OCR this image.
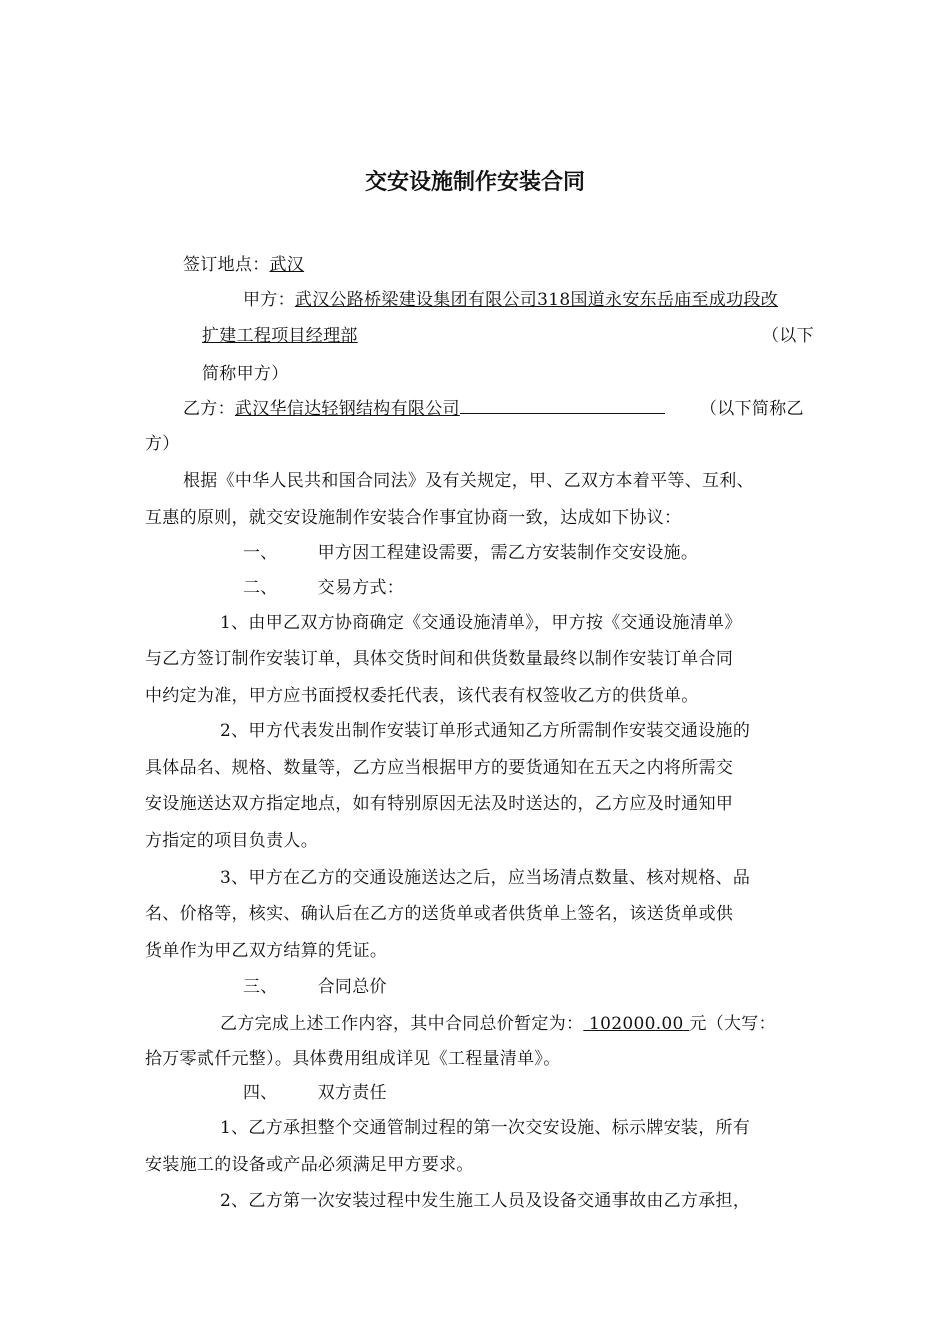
交安设施制作安装合同
签订地点：武汉
甲方：武汉公路桥梁建设集团有限公司318国道永安东岳庙至成功段改
扩建工程项目经理部	（以下
简称甲方）
乙方：武汉华信达轻钢结构有限公司	（以下简称乙
方）
根据《中华人民共和国合同法》及有关规定，甲、乙双方本着平等、互利、
互惠的原则，就交安设施制作安装合作事宜协商一致，达成如下协议：
一、 甲方因工程建设需要，需乙方安装制作交安设施。
二、 交易方式：
1、由甲乙双方协商确定《交通设施清单》，甲方按《交通设施清单》
与乙方签订制作安装订单，具体交货时间和供货数量最终以制作安装订单合同
中约定为准，甲方应书面授权委托代表，该代表有权签收乙方的供货单。
2、甲方代表发出制作安装订单形式通知乙方所需制作安装交通设施的
具体品名、规格、数量等，乙方应当根据甲方的要货通知在五天之内将所需交
安设施送达双方指定地点，如有特别原因无法及时送达的，乙方应及时通知甲
方指定的项目负责人。
3、甲方在乙方的交通设施送达之后，应当场清点数量、核对规格、品
名、价格等，核实、确认后在乙方的送货单或者供货单上签名，该送货单或供
货单作为甲乙双方结算的凭证。
三、 合同总价
乙方完成上述工作内容，其中合同总价暂定为： 102000.00 元（大写：
拾万零贰仟元整）。具体费用组成详见《工程量清单》。
四、 双方责任
1、乙方承担整个交通管制过程的第一次交安设施、标示牌安装，所有
安装施工的设备或产品必须满足甲方要求。
2、乙方第一次安装过程中发生施工人员及设备交通事故由乙方承担，
